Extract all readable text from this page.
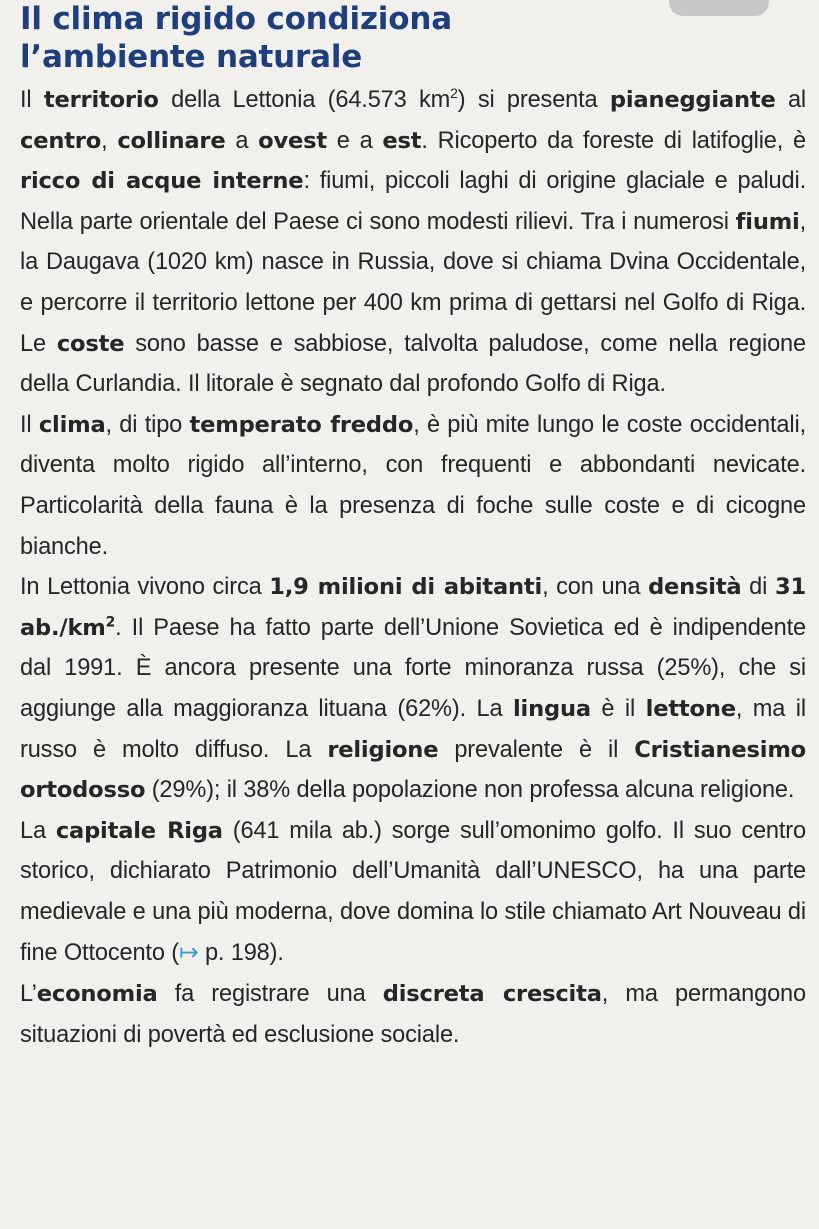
Il clima rigido condiziona
l’ambiente naturale

Il territorio della Lettonia (64.573 $km^2$) si presenta pianeggiante al centro, collinare a ovest e a est. Ricoperto da foreste di latifoglie, è ricco di acque interne: fiumi, piccoli laghi di origine glaciale e paludi. Nella parte orientale del Paese ci sono modesti rilievi. Tra i numerosi fiumi, la Daugava (1020 km) nasce in Russia, dove si chiama Dvina Occidentale, e percorre il territorio lettone per 400 km prima di gettarsi nel Golfo di Riga. Le coste sono basse e sabbiose, talvolta paludose, come nella regione della Curlandia. Il litorale è segnato dal profondo Golfo di Riga.

Il clima, di tipo temperato freddo, è più mite lungo le coste occidentali, diventa molto rigido all’interno, con frequenti e abbondanti nevicate. Particolarità della fauna è la presenza di foche sulle coste e di cicogne bianche.

In Lettonia vivono circa 1,9 milioni di abitanti, con una densità di 31 $ab./km^2$. Il Paese ha fatto parte dell’Unione Sovietica ed è indipendente dal 1991. È ancora presente una forte minoranza russa (25%), che si aggiunge alla maggioranza lituana (62%). La lingua è il lettone, ma il russo è molto diffuso. La religione prevalente è il Cristianesimo ortodosso (29%); il 38% della popolazione non professa alcuna religione.

La capitale Riga (641 mila ab.) sorge sull’omonimo golfo. Il suo centro storico, dichiarato Patrimonio dell’Umanità dall’UNESCO, ha una parte medievale e una più moderna, dove domina lo stile chiamato Art Nouveau di fine Ottocento (↦ p. 198).

L’economia fa registrare una discreta crescita, ma permangono situazioni di povertà ed esclusione sociale.
